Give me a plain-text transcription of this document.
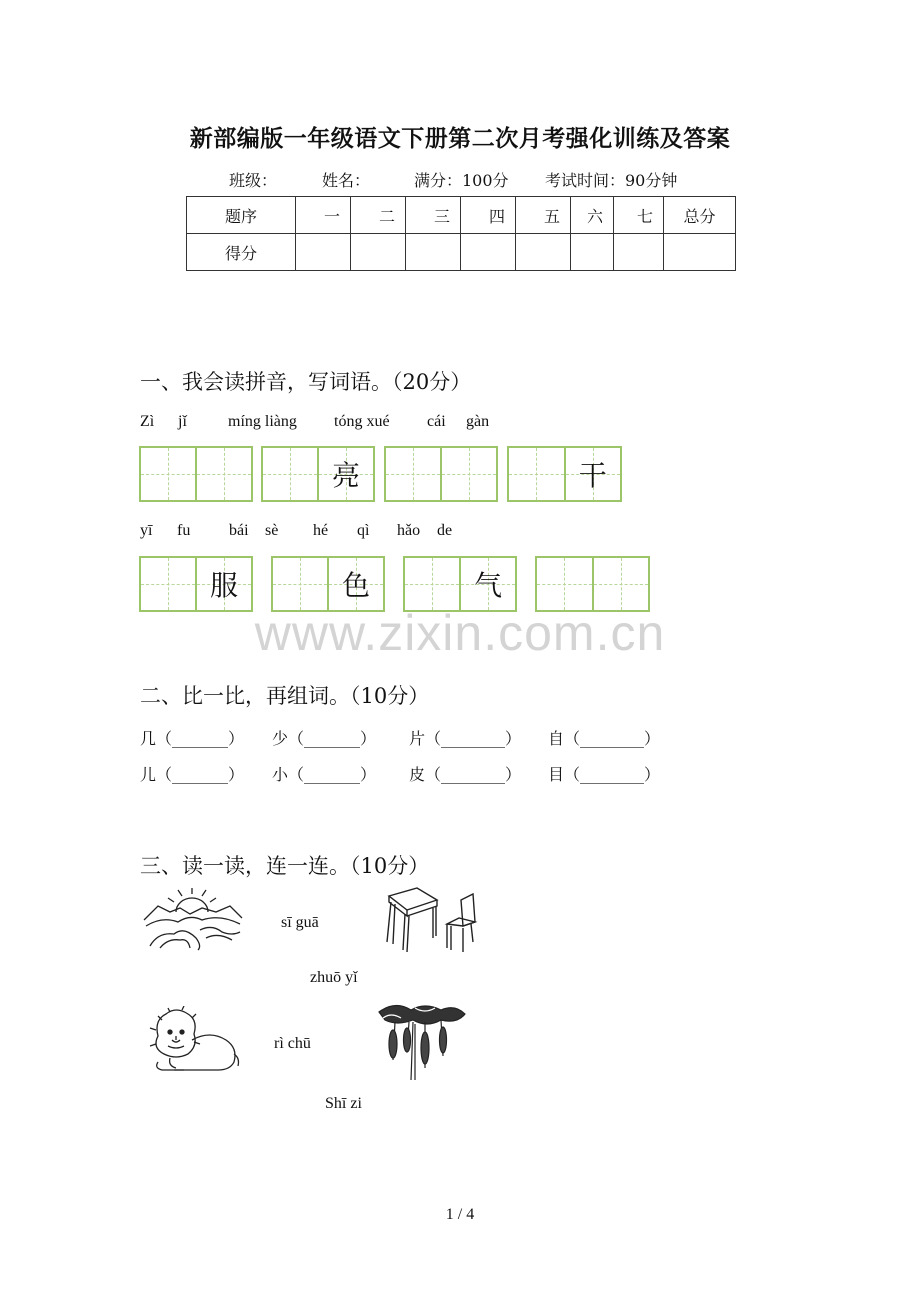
新部编版一年级语文下册第二次月考强化训练及答案
班级：	姓名：	满分：100分 考试时间：90分钟
题序	一	二	三	四	五	六	七	总分
得分								
一、我会读拼音，写词语。（20分）
Zì jǐ	míng liàng tóng xué cái gàn
亮	干
yī fu bái sè hé qì hǎo de
服	色	气
www.zixin.com.cn
二、比一比，再组词。（10分）
几（_______） 少（_______） 片（________） 自（________）
儿（_______） 小（_______） 皮（________） 目（________）
三、读一读，连一连。（10分）
sī guā
zhuō yǐ
rì chū
Shī zi
1 / 4
